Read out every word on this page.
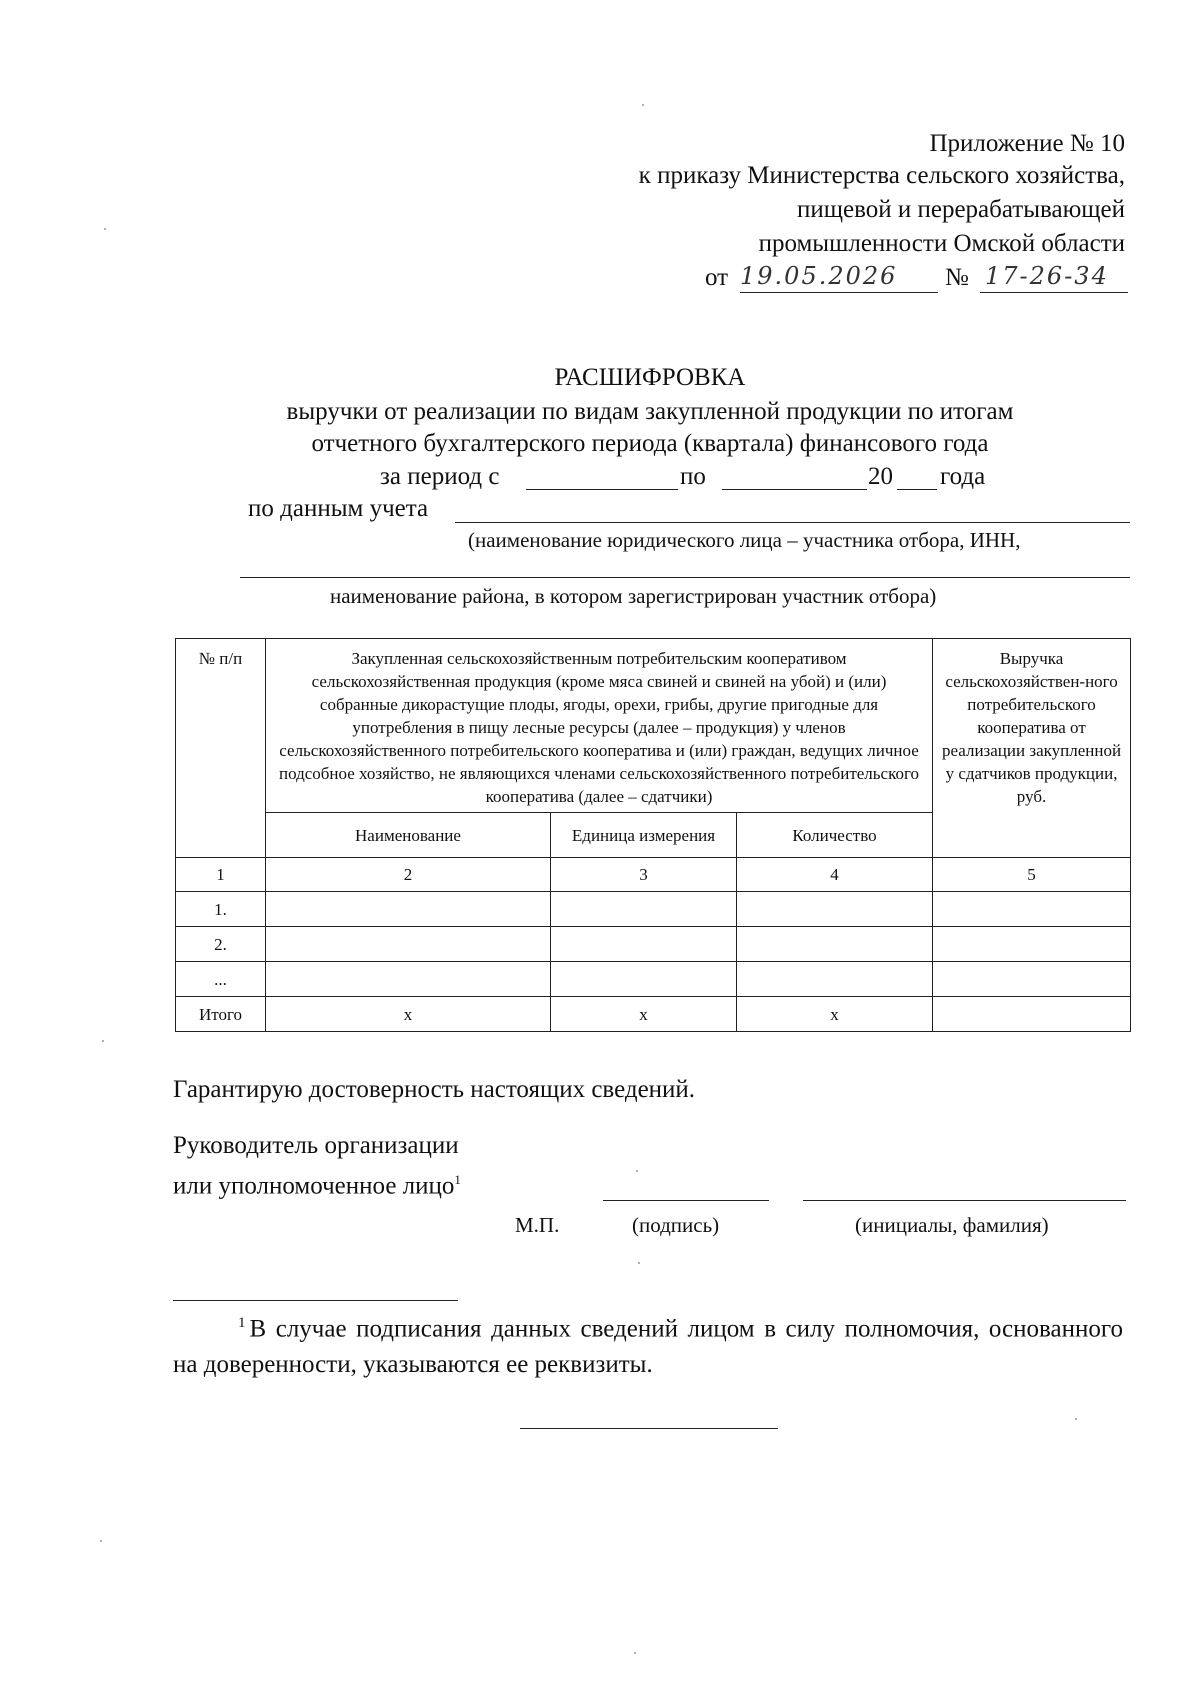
Приложение № 10
к приказу Министерства сельского хозяйства,
пищевой и перерабатывающей
промышленности Омской области
от 19.05.2026	№ 17-26-34
РАСШИФРОВКА
выручки от реализации по видам закупленной продукции по итогам
отчетного бухгалтерского периода (квартала) финансового года
за период с	по	20 года
по данным учета
(наименование юридического лица – участника отбора, ИНН,
наименование района, в котором зарегистрирован участник отбора)
№ п/п	Закупленная сельскохозяйственным потребительским кооперативом сельскохозяйственная продукция (кроме мяса свиней и свиней на убой) и (или) собранные дикорастущие плоды, ягоды, орехи, грибы, другие пригодные для употребления в пищу лесные ресурсы (далее – продукция) у членов сельскохозяйственного потребительского кооператива и (или) граждан, ведущих личное подсобное хозяйство, не являющихся членами сельскохозяйственного потребительского кооператива (далее – сдатчики)			Выручка сельскохозяйствен-ного потребительского кооператива от реализации закупленной у сдатчиков продукции, руб.
	Наименование	Единица измерения	Количество	
1	2	3	4	5
1.				
2.				
...				
Итого	х	х	х	
Гарантирую достоверность настоящих сведений.
Руководитель организации
или уполномоченное лицо$^1$
М.П.	(подпись)	(инициалы, фамилия)
$^1$ В случае подписания данных сведений лицом в силу полномочия, основанного на доверенности, указываются ее реквизиты.
